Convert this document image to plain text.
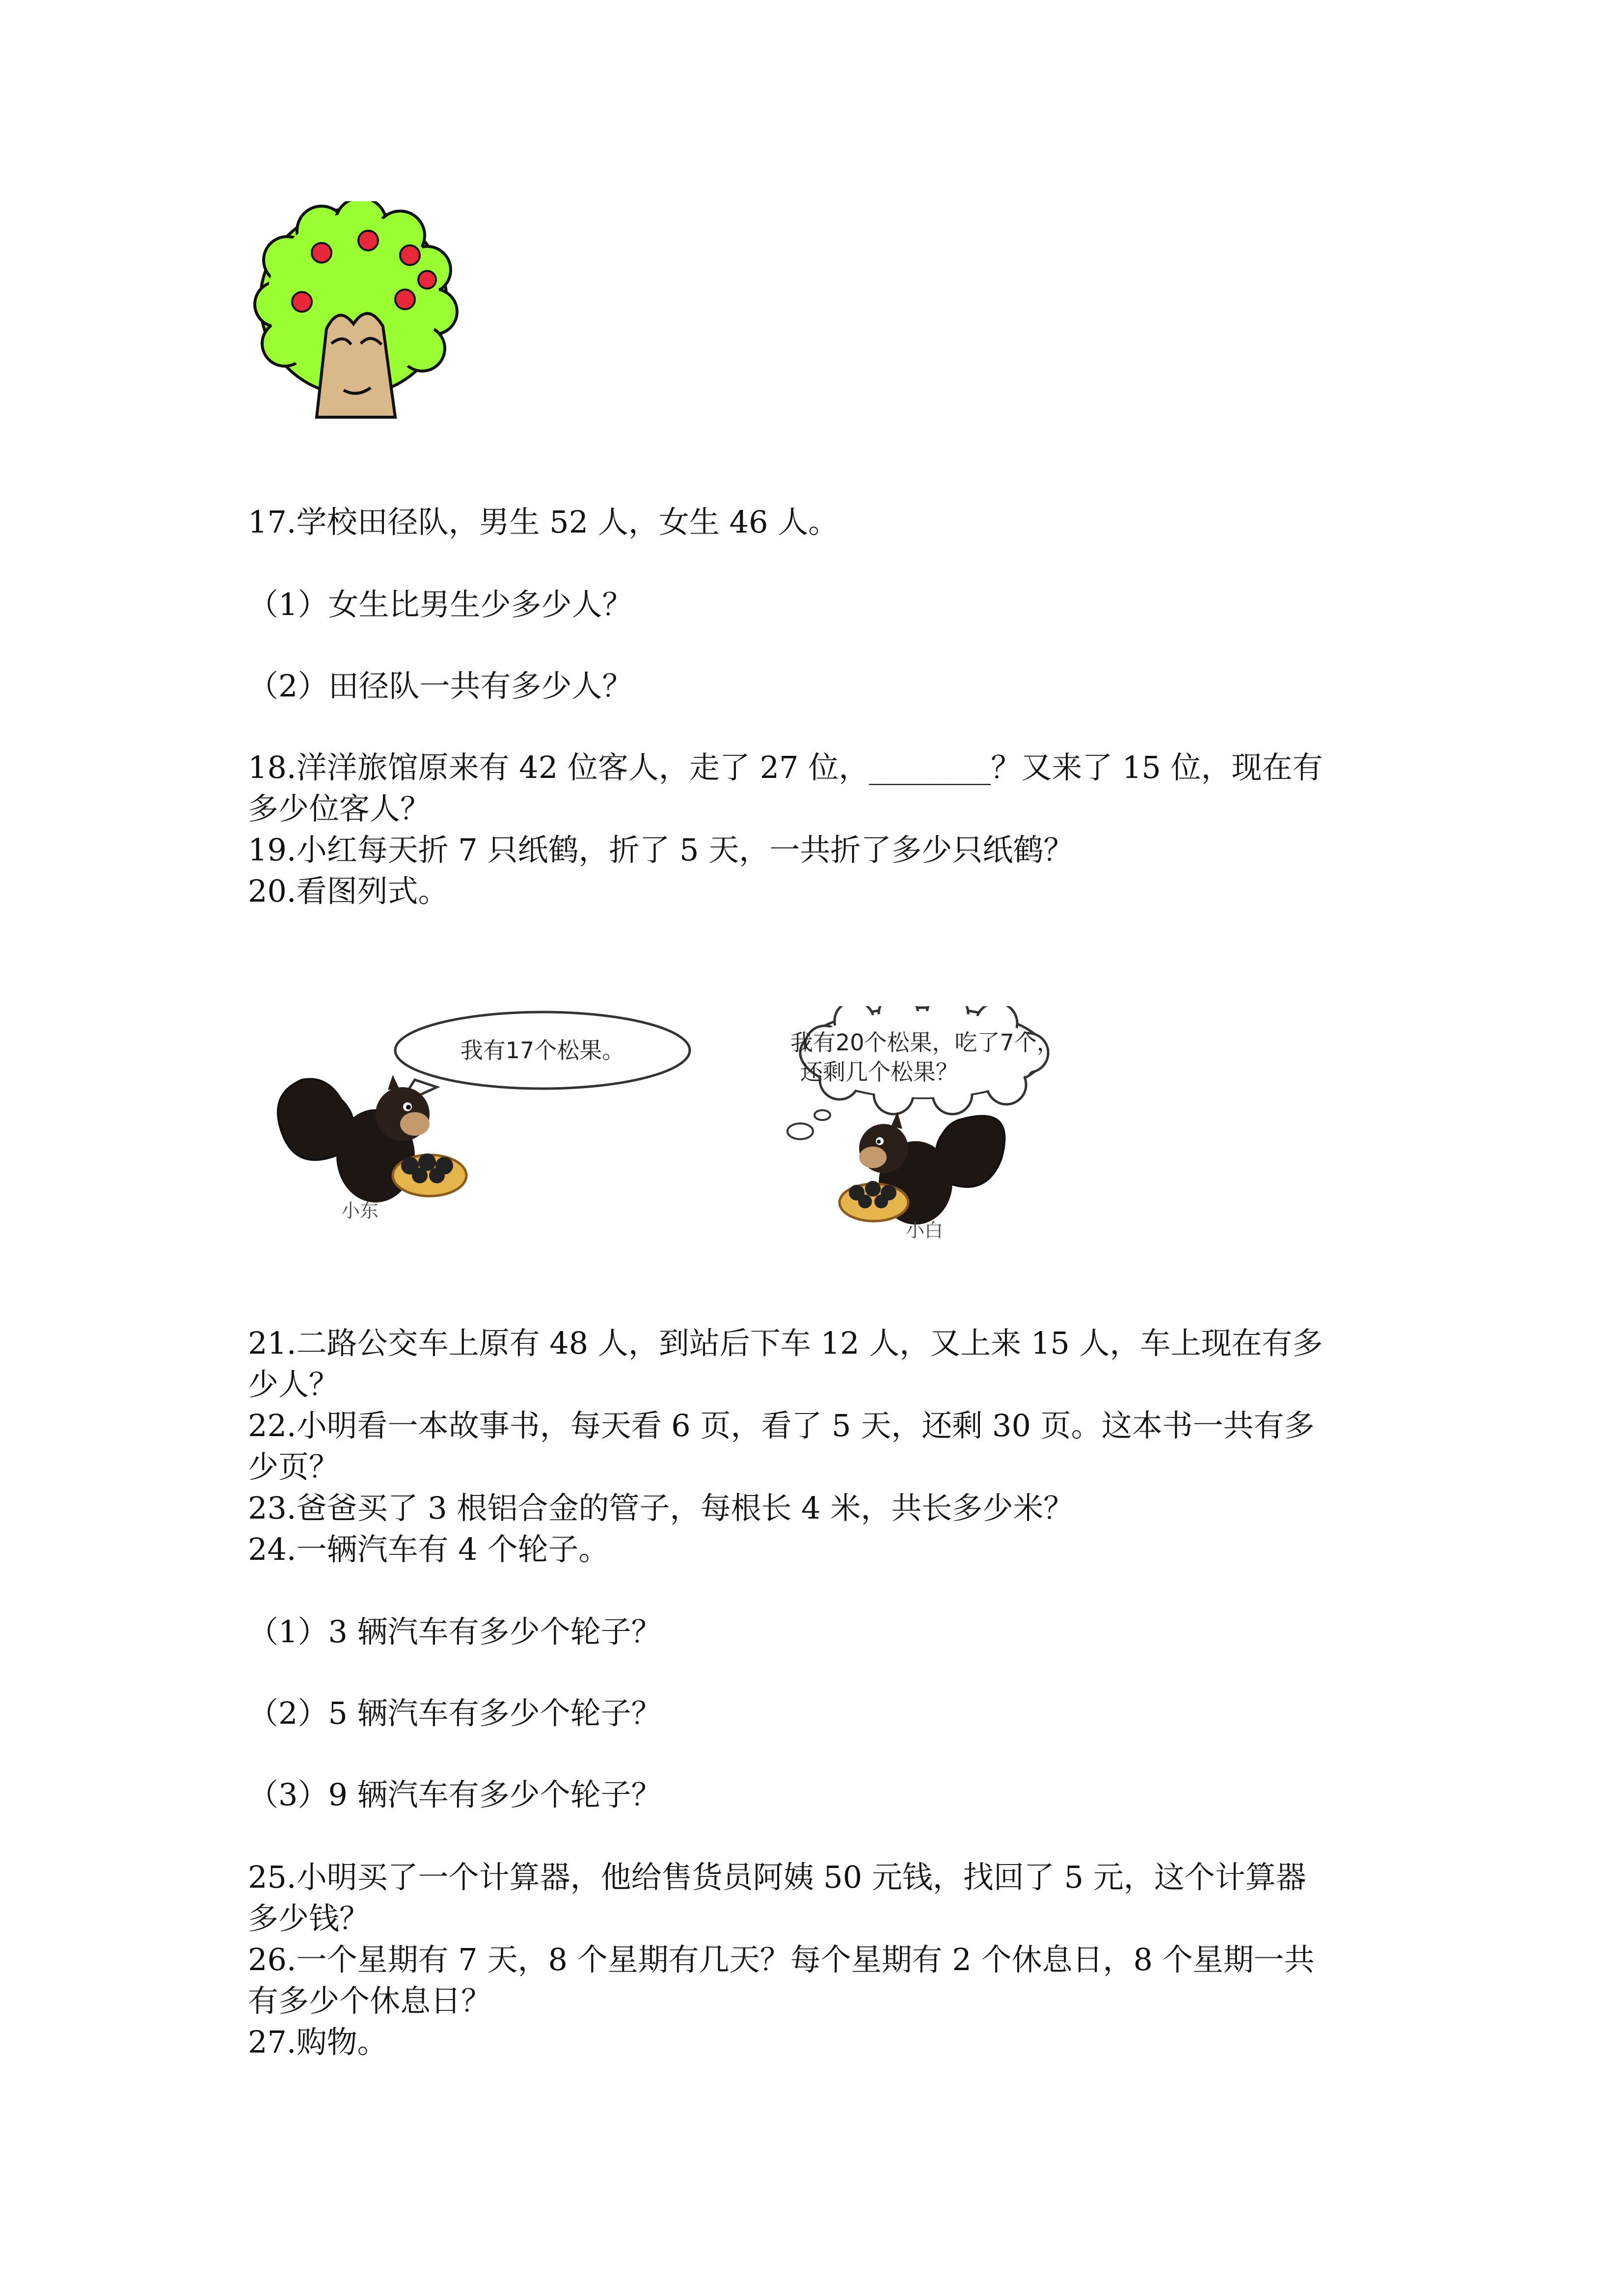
17.学校田径队，男生 52 人，女生 46 人。

（1）女生比男生少多少人？

（2）田径队一共有多少人？

18.洋洋旅馆原来有 42 位客人，走了 27 位，________？又来了 15 位，现在有

多少位客人？

19.小红每天折 7 只纸鹤，折了 5 天，一共折了多少只纸鹤？

20.看图列式。

我有17个松果。
小东
我有20个松果，吃了7个，
还剩几个松果？
小白

21.二路公交车上原有 48 人，到站后下车 12 人，又上来 15 人，车上现在有多

少人？

22.小明看一本故事书，每天看 6 页，看了 5 天，还剩 30 页。这本书一共有多

少页？

23.爸爸买了 3 根铝合金的管子，每根长 4 米，共长多少米？

24.一辆汽车有 4 个轮子。

（1）3 辆汽车有多少个轮子？

（2）5 辆汽车有多少个轮子？

（3）9 辆汽车有多少个轮子？

25.小明买了一个计算器，他给售货员阿姨 50 元钱，找回了 5 元，这个计算器

多少钱？

26.一个星期有 7 天，8 个星期有几天？每个星期有 2 个休息日，8 个星期一共

有多少个休息日？

27.购物。
